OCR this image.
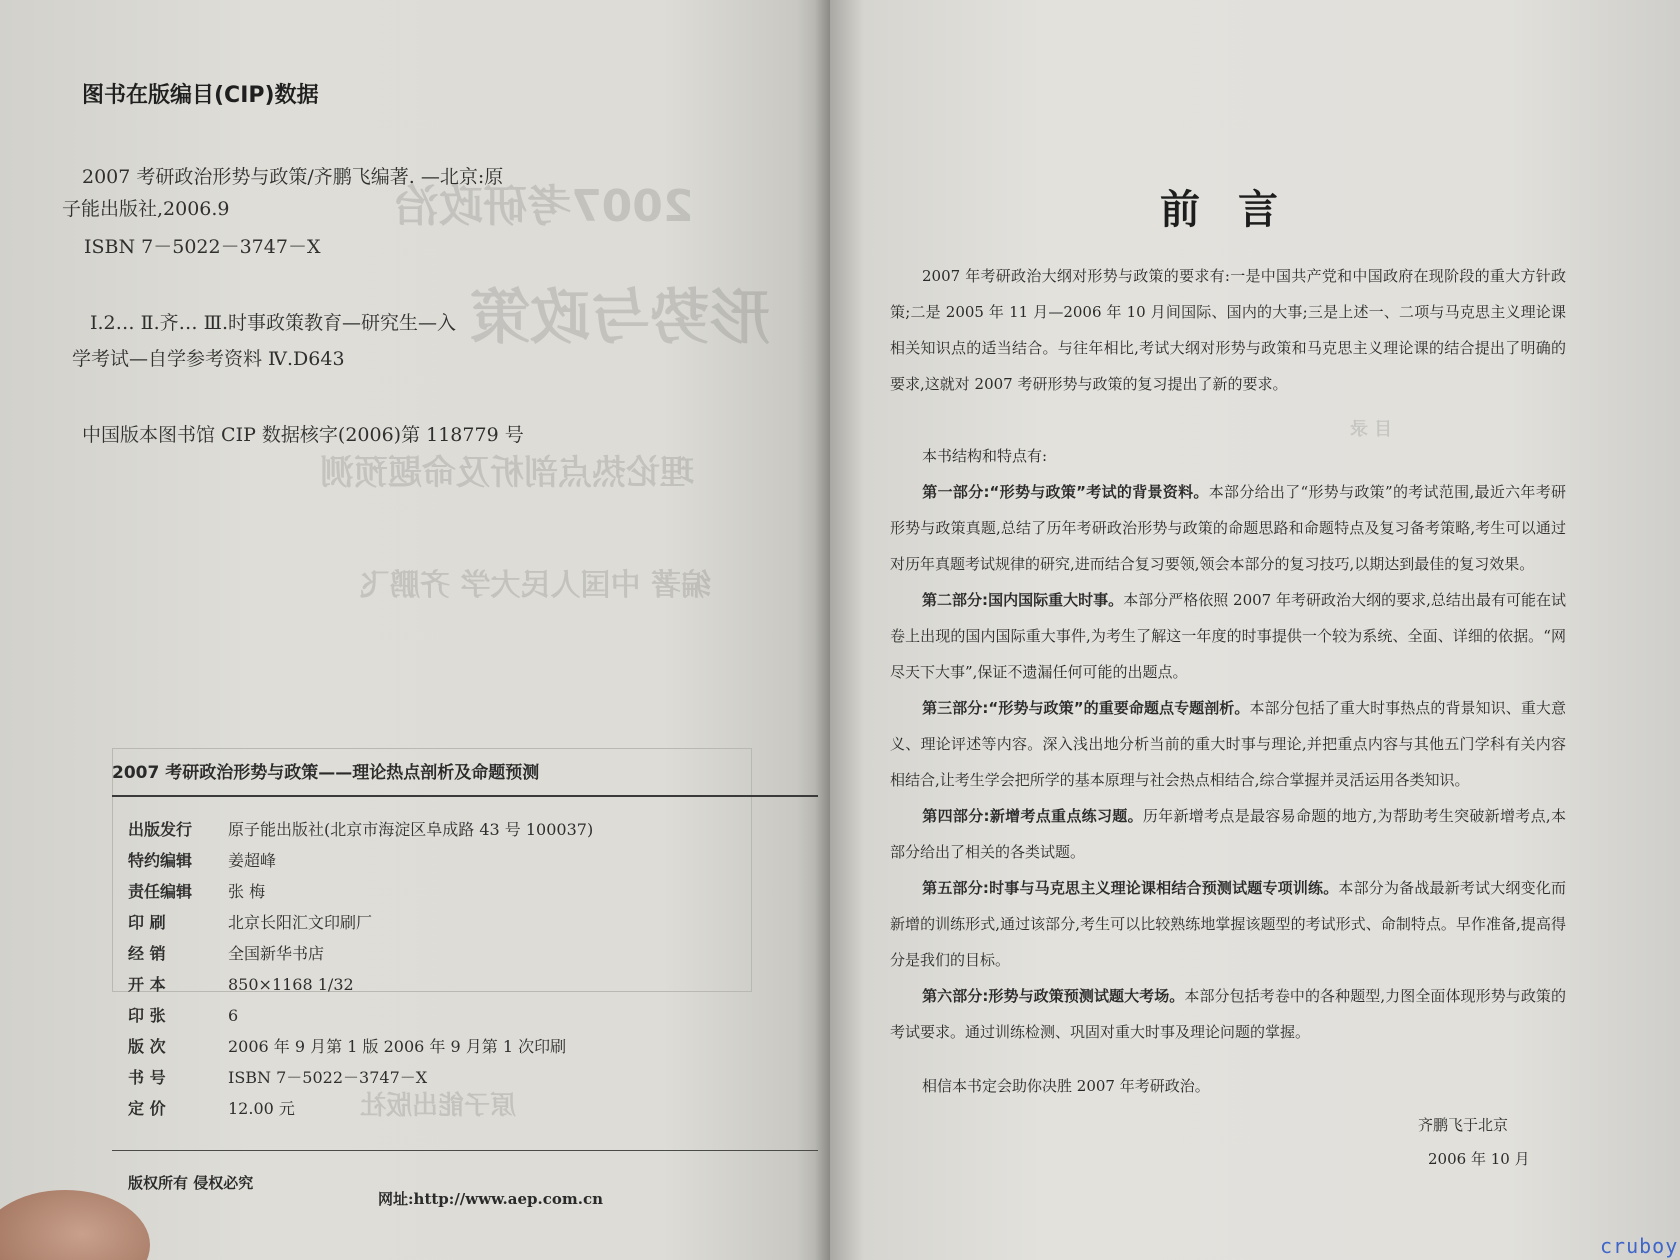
2007考研政治
形势与政策
理论热点剖析及命题预测
编著 中国人民大学 齐鹏飞
原子能出版社
图书在版编目(CIP)数据
2007 考研政治形势与政策/齐鹏飞编著. —北京:原
子能出版社,2006.9
ISBN 7－5022－3747－X
Ⅰ.2… Ⅱ.齐… Ⅲ.时事政策教育—研究生—入
学考试—自学参考资料 Ⅳ.D643
中国版本图书馆 CIP 数据核字(2006)第 118779 号
2007 考研政治形势与政策——理论热点剖析及命题预测
出版发行 原子能出版社(北京市海淀区阜成路 43 号 100037)
特约编辑 姜超峰
责任编辑 张 梅
印 刷	北京长阳汇文印刷厂
经 销	全国新华书店
开 本	850×1168 1/32
印 张	6
版 次	2006 年 9 月第 1 版 2006 年 9 月第 1 次印刷
书 号	ISBN 7－5022－3747－X
定 价	12.00 元
版权所有 侵权必究
网址:http://www.aep.com.cn
目 录
前言

2007 年考研政治大纲对形势与政策的要求有:一是中国共产党和中国政府在现阶段的重大方针政策;二是 2005 年 11 月—2006 年 10 月间国际、国内的大事;三是上述一、二项与马克思主义理论课相关知识点的适当结合。与往年相比,考试大纲对形势与政策和马克思主义理论课的结合提出了明确的要求,这就对 2007 考研形势与政策的复习提出了新的要求。

本书结构和特点有:

第一部分:“形势与政策”考试的背景资料。本部分给出了“形势与政策”的考试范围,最近六年考研形势与政策真题,总结了历年考研政治形势与政策的命题思路和命题特点及复习备考策略,考生可以通过对历年真题考试规律的研究,进而结合复习要领,领会本部分的复习技巧,以期达到最佳的复习效果。

第二部分:国内国际重大时事。本部分严格依照 2007 年考研政治大纲的要求,总结出最有可能在试卷上出现的国内国际重大事件,为考生了解这一年度的时事提供一个较为系统、全面、详细的依据。“网尽天下大事”,保证不遗漏任何可能的出题点。

第三部分:“形势与政策”的重要命题点专题剖析。本部分包括了重大时事热点的背景知识、重大意义、理论评述等内容。深入浅出地分析当前的重大时事与理论,并把重点内容与其他五门学科有关内容相结合,让考生学会把所学的基本原理与社会热点相结合,综合掌握并灵活运用各类知识。

第四部分:新增考点重点练习题。历年新增考点是最容易命题的地方,为帮助考生突破新增考点,本部分给出了相关的各类试题。

第五部分:时事与马克思主义理论课相结合预测试题专项训练。本部分为备战最新考试大纲变化而新增的训练形式,通过该部分,考生可以比较熟练地掌握该题型的考试形式、命制特点。早作准备,提高得分是我们的目标。

第六部分:形势与政策预测试题大考场。本部分包括考卷中的各种题型,力图全面体现形势与政策的考试要求。通过训练检测、巩固对重大时事及理论问题的掌握。

相信本书定会助你决胜 2007 年考研政治。

齐鹏飞于北京
2006 年 10 月
cruboy
